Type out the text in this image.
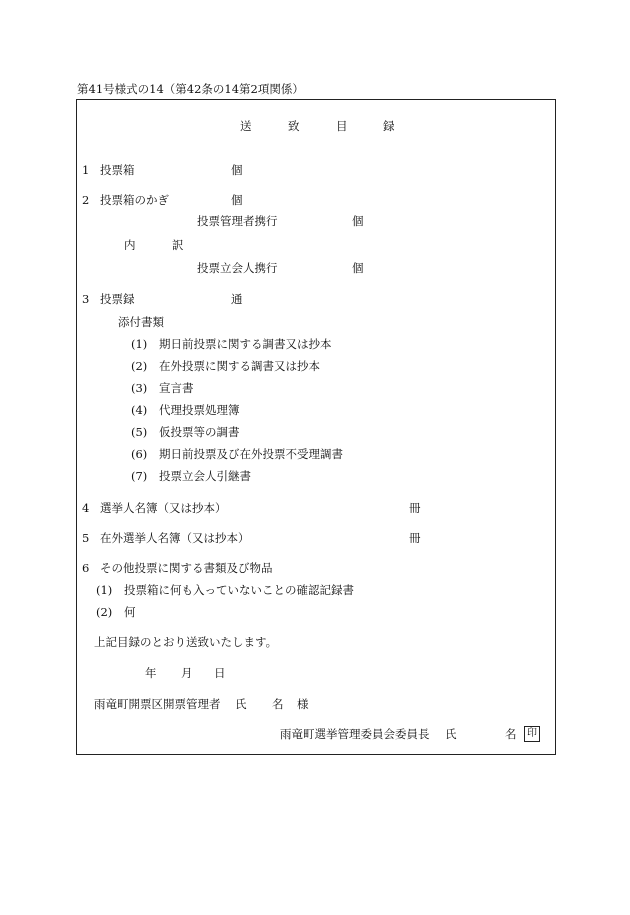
第41号様式の14（第42条の14第2項関係）
送	致	目	録
1 投票箱	個
2 投票箱のかぎ	個
投票管理者携行	個
内	訳
投票立会人携行	個
3 投票録	通
添付書類
(1) 期日前投票に関する調書又は抄本
(2) 在外投票に関する調書又は抄本
(3) 宣言書
(4) 代理投票処理簿
(5) 仮投票等の調書
(6) 期日前投票及び在外投票不受理調書
(7) 投票立会人引継書
4 選挙人名簿（又は抄本）	冊
5 在外選挙人名簿（又は抄本）	冊
6 その他投票に関する書類及び物品
(1) 投票箱に何も入っていないことの確認記録書
(2) 何
上記目録のとおり送致いたします。
年 月 日
雨竜町開票区開票管理者 氏 名 様
雨竜町選挙管理委員会委員長 氏	名	印
